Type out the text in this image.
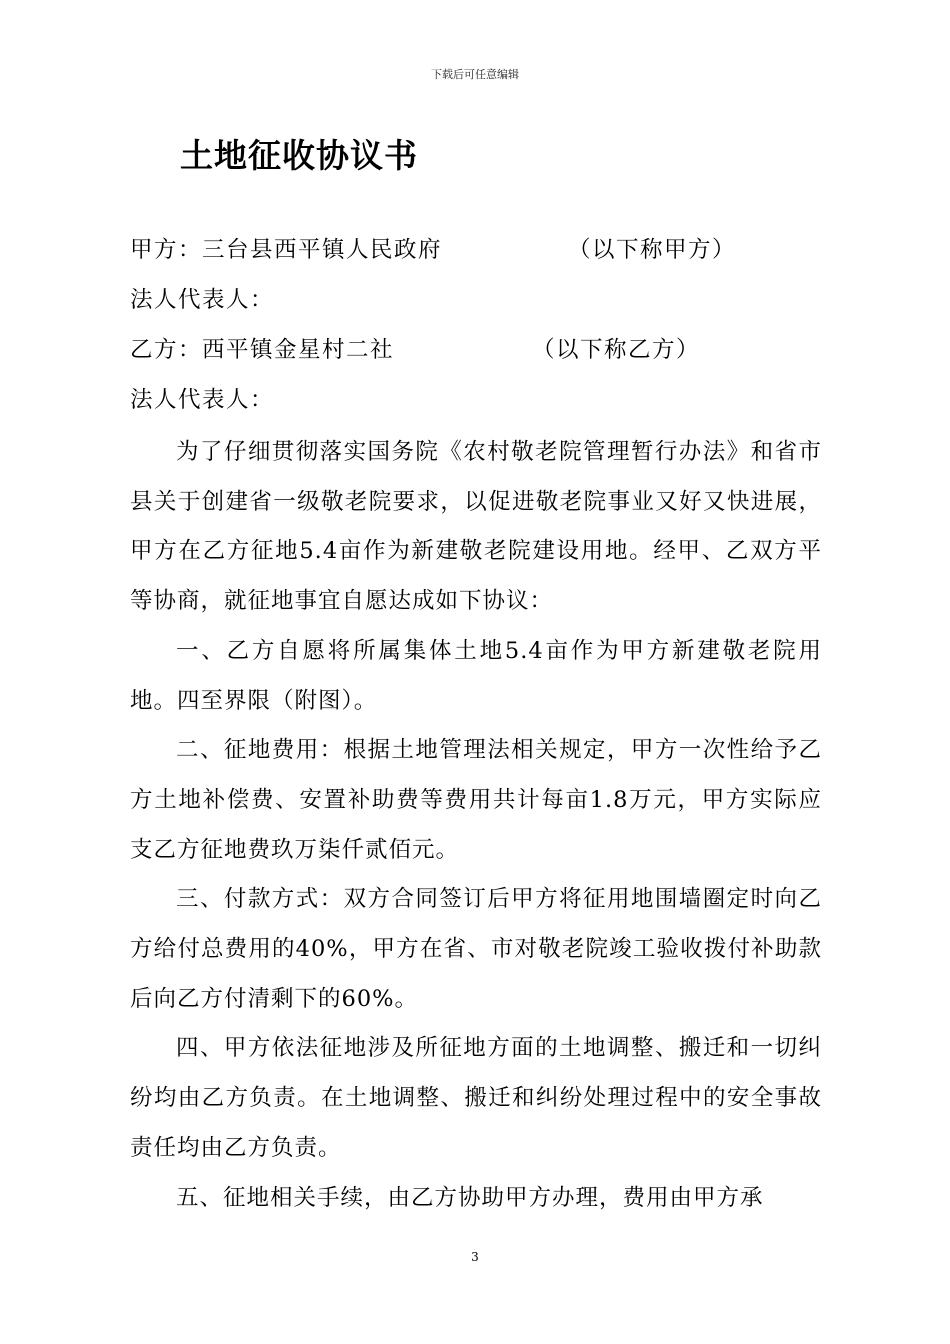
下载后可任意编辑
土地征收协议书
甲方：三台县西平镇人民政府	（以下称甲方）
法人代表人：
乙方：西平镇金星村二社	（以下称乙方）
法人代表人：

为了仔细贯彻落实国务院《农村敬老院管理暂行办法》和省市县关于创建省一级敬老院要求，以促进敬老院事业又好又快进展，甲方在乙方征地5.4亩作为新建敬老院建设用地。经甲、乙双方平等协商，就征地事宜自愿达成如下协议：

一、乙方自愿将所属集体土地5.4亩作为甲方新建敬老院用地。四至界限（附图）。

二、征地费用：根据土地管理法相关规定，甲方一次性给予乙方土地补偿费、安置补助费等费用共计每亩1.8万元，甲方实际应支乙方征地费玖万柒仟贰佰元。

三、付款方式：双方合同签订后甲方将征用地围墙圈定时向乙方给付总费用的40%，甲方在省、市对敬老院竣工验收拨付补助款后向乙方付清剩下的60%。

四、甲方依法征地涉及所征地方面的土地调整、搬迁和一切纠纷均由乙方负责。在土地调整、搬迁和纠纷处理过程中的安全事故责任均由乙方负责。

五、征地相关手续，由乙方协助甲方办理，费用由甲方承

3
